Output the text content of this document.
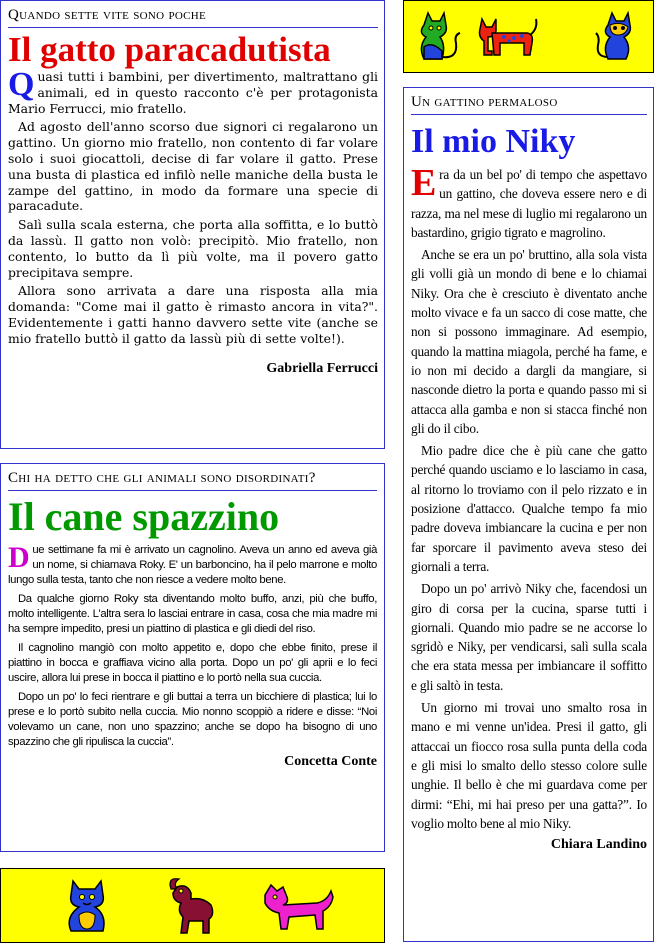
Quando sette vite sono poche
Il gatto paracadutista

Quasi tutti i bambini, per divertimento, maltrattano gli animali, ed in questo racconto c'è per protagonista Mario Ferrucci, mio fratello.

Ad agosto dell'anno scorso due signori ci regalarono un gattino. Un giorno mio fratello, non contento di far volare solo i suoi giocattoli, decise di far volare il gatto. Prese una busta di plastica ed infilò nelle maniche della busta le zampe del gattino, in modo da formare una specie di paracadute.

Salì sulla scala esterna, che porta alla soffitta, e lo buttò da lassù. Il gatto non volò: precipitò. Mio fratello, non contento, lo butto da lì più volte, ma il povero gatto precipitava sempre.

Allora sono arrivata a dare una risposta alla mia domanda: "Come mai il gatto è rimasto ancora in vita?". Evidentemente i gatti hanno davvero sette vite (anche se mio fratello buttò il gatto da lassù più di sette volte!).

Gabriella Ferrucci
Chi ha detto che gli animali sono disordinati?
Il cane spazzino

Due settimane fa mi è arrivato un cagnolino. Aveva un anno ed aveva già un nome, si chiamava Roky. E' un barboncino, ha il pelo marrone e molto lungo sulla testa, tanto che non riesce a vedere molto bene.

Da qualche giorno Roky sta diventando molto buffo, anzi, più che buffo, molto intelligente. L'altra sera lo lasciai entrare in casa, cosa che mia madre mi ha sempre impedito, presi un piattino di plastica e gli diedi del riso.

Il cagnolino mangiò con molto appetito e, dopo che ebbe finito, prese il piattino in bocca e graffiava vicino alla porta. Dopo un po' gli aprii e lo feci uscire, allora lui prese in bocca il piattino e lo portò nella sua cuccia.

Dopo un po' lo feci rientrare e gli buttai a terra un bicchiere di plastica; lui lo prese e lo portò subito nella cuccia. Mio nonno scoppiò a ridere e disse: “Noi volevamo un cane, non uno spazzino; anche se dopo ha bisogno di uno spazzino che gli ripulisca la cuccia”.

Concetta Conte
Un gattino permaloso
Il mio Niky

Era da un bel po' di tempo che aspettavo un gattino, che doveva essere nero e di razza, ma nel mese di luglio mi regalarono un bastardino, grigio tigrato e magrolino.

Anche se era un po' bruttino, alla sola vista gli volli già un mondo di bene e lo chiamai Niky. Ora che è cresciuto è diventato anche molto vivace e fa un sacco di cose matte, che non si possono immaginare. Ad esempio, quando la mattina miagola, perché ha fame, e io non mi decido a dargli da mangiare, si nasconde dietro la porta e quando passo mi si attacca alla gamba e non si stacca finché non gli do il cibo.

Mio padre dice che è più cane che gatto perché quando usciamo e lo lasciamo in casa, al ritorno lo troviamo con il pelo rizzato e in posizione d'attacco. Qualche tempo fa mio padre doveva imbiancare la cucina e per non far sporcare il pavimento aveva steso dei giornali a terra.

Dopo un po' arrivò Niky che, facendosi un giro di corsa per la cucina, sparse tutti i giornali. Quando mio padre se ne accorse lo sgridò e Niky, per vendicarsi, salì sulla scala che era stata messa per imbiancare il soffitto e gli saltò in testa.

Un giorno mi trovai uno smalto rosa in mano e mi venne un'idea. Presi il gatto, gli attaccai un fiocco rosa sulla punta della coda e gli misi lo smalto dello stesso colore sulle unghie. Il bello è che mi guardava come per dirmi: “Ehi, mi hai preso per una gatta?”. Io voglio molto bene al mio Niky.

Chiara Landino
